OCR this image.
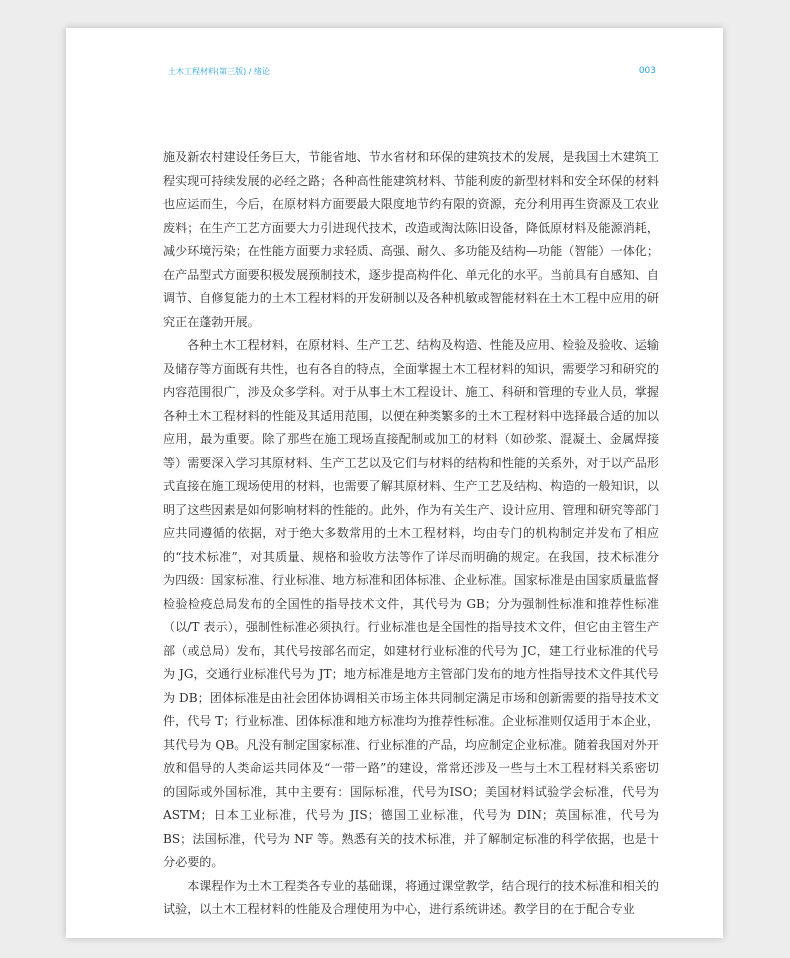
土木工程材料(第三版) / 绪论	003

施及新农村建设任务巨大，节能省地、节水省材和环保的建筑技术的发展，是我国土木建筑工程实现可持续发展的必经之路；各种高性能建筑材料、节能利废的新型材料和安全环保的材料也应运而生，今后，在原材料方面要最大限度地节约有限的资源，充分利用再生资源及工农业废料；在生产工艺方面要大力引进现代技术，改造或淘汰陈旧设备，降低原材料及能源消耗，减少环境污染；在性能方面要力求轻质、高强、耐久、多功能及结构—功能（智能）一体化；在产品型式方面要积极发展预制技术，逐步提高构件化、单元化的水平。当前具有自感知、自调节、自修复能力的土木工程材料的开发研制以及各种机敏或智能材料在土木工程中应用的研究正在蓬勃开展。

各种土木工程材料，在原材料、生产工艺、结构及构造、性能及应用、检验及验收、运输及储存等方面既有共性，也有各自的特点，全面掌握土木工程材料的知识，需要学习和研究的内容范围很广，涉及众多学科。对于从事土木工程设计、施工、科研和管理的专业人员，掌握各种土木工程材料的性能及其适用范围，以便在种类繁多的土木工程材料中选择最合适的加以应用，最为重要。除了那些在施工现场直接配制或加工的材料（如砂浆、混凝土、金属焊接等）需要深入学习其原材料、生产工艺以及它们与材料的结构和性能的关系外，对于以产品形式直接在施工现场使用的材料，也需要了解其原材料、生产工艺及结构、构造的一般知识，以明了这些因素是如何影响材料的性能的。此外，作为有关生产、设计应用、管理和研究等部门应共同遵循的依据，对于绝大多数常用的土木工程材料，均由专门的机构制定并发布了相应的“技术标准”，对其质量、规格和验收方法等作了详尽而明确的规定。在我国，技术标准分为四级：国家标准、行业标准、地方标准和团体标准、企业标准。国家标准是由国家质量监督检验检疫总局发布的全国性的指导技术文件，其代号为 GB；分为强制性标准和推荐性标准（以/T 表示），强制性标准必须执行。行业标准也是全国性的指导技术文件，但它由主管生产部（或总局）发布，其代号按部名而定，如建材行业标准的代号为 JC，建工行业标准的代号为 JG，交通行业标准代号为 JT；地方标准是地方主管部门发布的地方性指导技术文件其代号为 DB；团体标准是由社会团体协调相关市场主体共同制定满足市场和创新需要的指导技术文件，代号 T；行业标准、团体标准和地方标准均为推荐性标准。企业标准则仅适用于本企业，其代号为 QB。凡没有制定国家标准、行业标准的产品，均应制定企业标准。随着我国对外开放和倡导的人类命运共同体及“一带一路”的建设，常常还涉及一些与土木工程材料关系密切的国际或外国标准，其中主要有：国际标准，代号为ISO；美国材料试验学会标准，代号为 ASTM；日本工业标准，代号为 JIS；德国工业标准，代号为 DIN；英国标准，代号为 BS；法国标准，代号为 NF 等。熟悉有关的技术标准，并了解制定标准的科学依据，也是十分必要的。

本课程作为土木工程类各专业的基础课，将通过课堂教学，结合现行的技术标准和相关的试验，以土木工程材料的性能及合理使用为中心，进行系统讲述。教学目的在于配合专业
